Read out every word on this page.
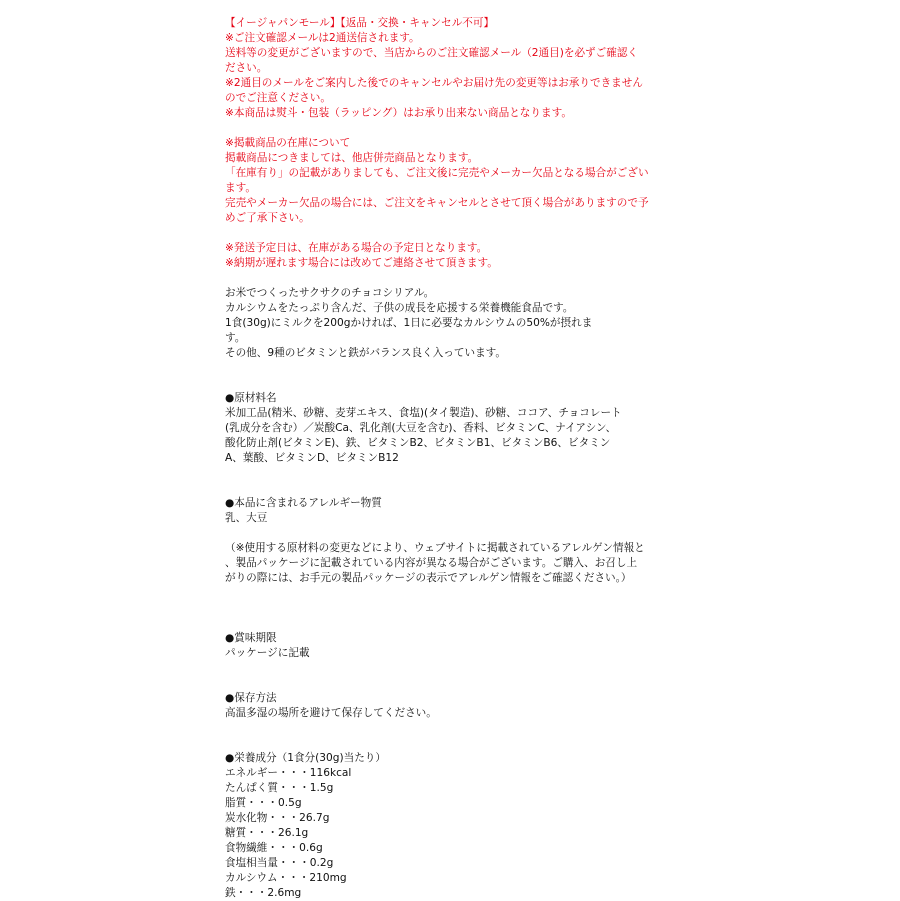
【イージャパンモール】【返品・交換・キャンセル不可】
※ご注文確認メールは2通送信されます。
送料等の変更がございますので、当店からのご注文確認メール（2通目)を必ずご確認く
ださい。
※2通目のメールをご案内した後でのキャンセルやお届け先の変更等はお承りできません
のでご注意ください。
※本商品は熨斗・包装（ラッピング）はお承り出来ない商品となります。
※掲載商品の在庫について
掲載商品につきましては、他店併売商品となります。
「在庫有り」の記載がありましても、ご注文後に完売やメーカー欠品となる場合がござい
ます。
完売やメーカー欠品の場合には、ご注文をキャンセルとさせて頂く場合がありますので予
めご了承下さい。
※発送予定日は、在庫がある場合の予定日となります。
※納期が遅れます場合には改めてご連絡させて頂きます。
お米でつくったサクサクのチョコシリアル。
カルシウムをたっぷり含んだ、子供の成長を応援する栄養機能食品です。
1食(30g)にミルクを200gかければ、1日に必要なカルシウムの50%が摂れま
す。
その他、9種のビタミンと鉄がバランス良く入っています。
●原材料名
米加工品(精米、砂糖、麦芽エキス、食塩)(タイ製造)、砂糖、ココア、チョコレート
(乳成分を含む）／炭酸Ca、乳化剤(大豆を含む)、香料、ビタミンC、ナイアシン、
酸化防止剤(ビタミンE)、鉄、ビタミンB2、ビタミンB1、ビタミンB6、ビタミン
A、葉酸、ビタミンD、ビタミンB12
●本品に含まれるアレルギー物質
乳、大豆
（※使用する原材料の変更などにより、ウェブサイトに掲載されているアレルゲン情報と
、製品パッケージに記載されている内容が異なる場合がございます。ご購入、お召し上
がりの際には、お手元の製品パッケージの表示でアレルゲン情報をご確認ください。）
●賞味期限
パッケージに記載
●保存方法
高温多湿の場所を避けて保存してください。
●栄養成分（1食分(30g)当たり）
エネルギー・・・116kcal
たんぱく質・・・1.5g
脂質・・・0.5g
炭水化物・・・26.7g
糖質・・・26.1g
食物繊維・・・0.6g
食塩相当量・・・0.2g
カルシウム・・・210mg
鉄・・・2.6mg
